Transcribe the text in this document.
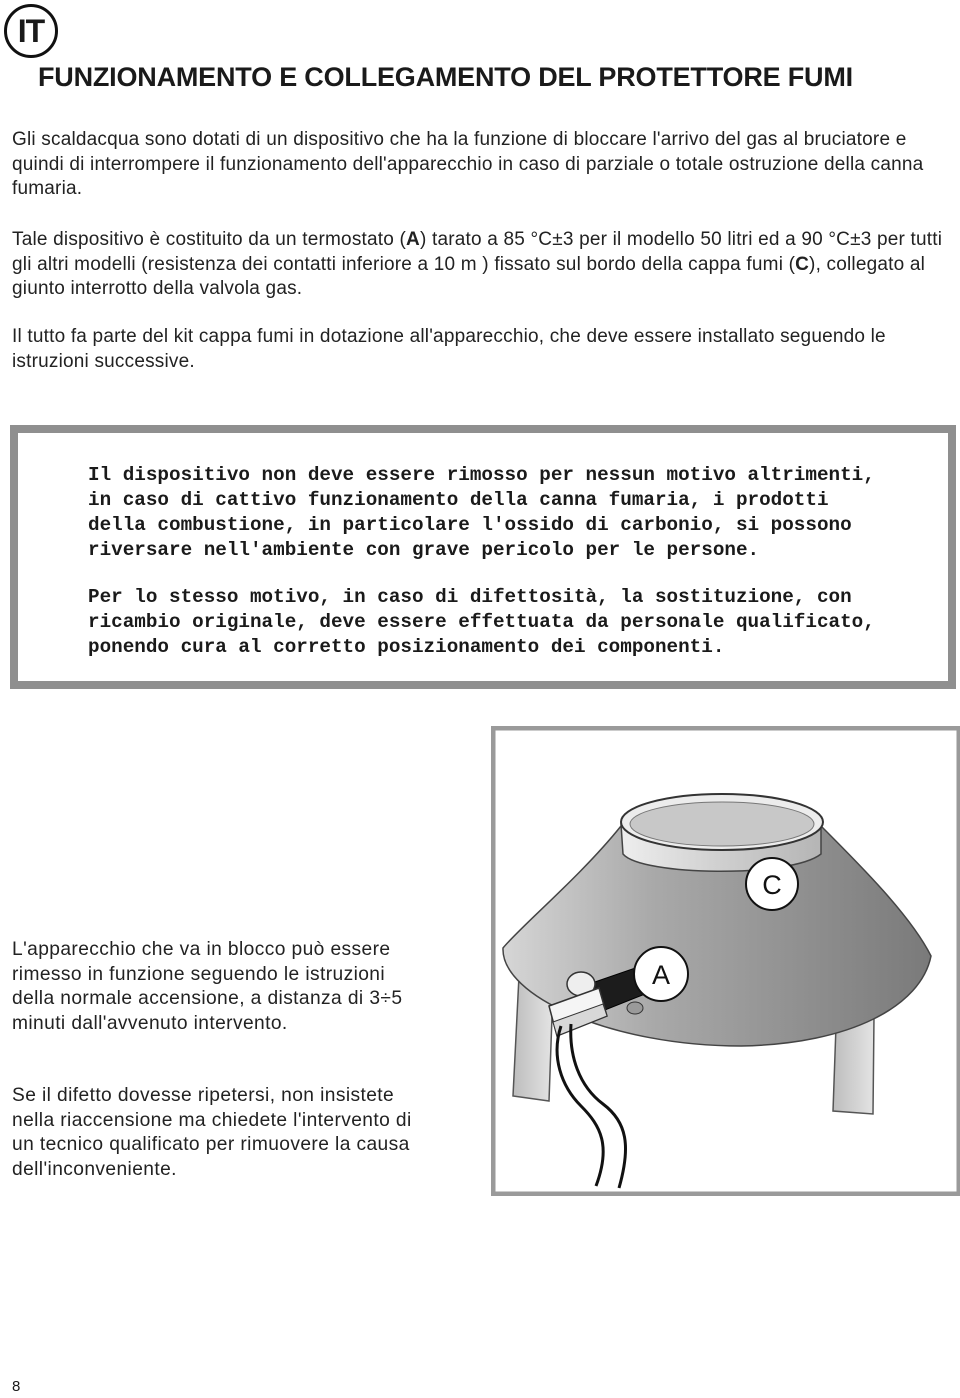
IT
FUNZIONAMENTO E COLLEGAMENTO DEL PROTETTORE FUMI

Gli scaldacqua sono dotati di un dispositivo che ha la funzione di bloccare l'arrivo del gas al bruciatore e quindi di interrompere il funzionamento dell'apparecchio in caso di parziale o totale ostruzione della canna fumaria.

Tale dispositivo è costituito da un termostato (A) tarato a 85 °C±3 per il modello 50 litri ed a 90 °C±3 per tutti gli altri modelli (resistenza dei contatti inferiore a 10 m ) fissato sul bordo della cappa fumi (C), collegato al giunto interrotto della valvola gas.

Il tutto fa parte del kit cappa fumi in dotazione all'apparecchio, che deve essere installato seguendo le istruzioni successive.

Il dispositivo non deve essere rimosso per nessun motivo altrimenti, in caso di cattivo funzionamento della canna fumaria, i prodotti della combustione, in particolare l'ossido di carbonio, si possono riversare nell'ambiente con grave pericolo per le persone.

Per lo stesso motivo, in caso di difettosità, la sostituzione, con ricambio originale, deve essere effettuata da personale qualificato, ponendo cura al corretto posizionamento dei componenti.

C
A

L'apparecchio che va in blocco può essere rimesso in funzione seguendo le istruzioni della normale accensione, a distanza di 3÷5 minuti dall'avvenuto intervento.

Se il difetto dovesse ripetersi, non insistete nella riaccensione ma chiedete l'intervento di un tecnico qualificato per rimuovere la causa dell'inconveniente.

8
